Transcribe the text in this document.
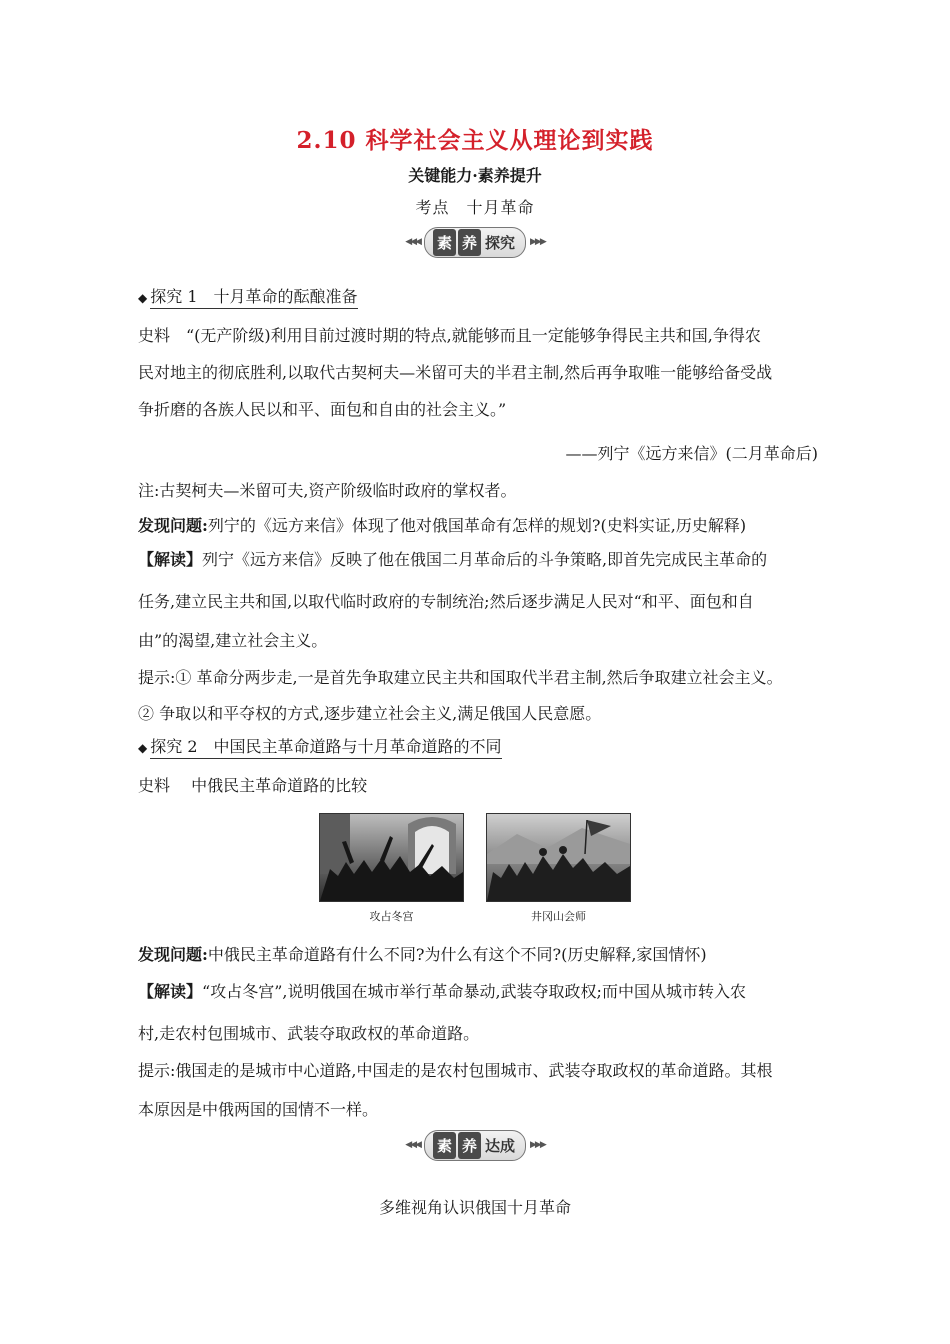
2.10 科学社会主义从理论到实践
关键能力·素养提升
考点　十月革命
◀◀◀ 素 养 探究 ▶▶▶
◆ 探究 1　十月革命的酝酿准备
史料　“(无产阶级)利用目前过渡时期的特点,就能够而且一定能够争得民主共和国,争得农
民对地主的彻底胜利,以取代古契柯夫—米留可夫的半君主制,然后再争取唯一能够给备受战
争折磨的各族人民以和平、面包和自由的社会主义。”
——列宁《远方来信》(二月革命后)
注:古契柯夫—米留可夫,资产阶级临时政府的掌权者。
发现问题:列宁的《远方来信》体现了他对俄国革命有怎样的规划?(史料实证,历史解释)
【解读】列宁《远方来信》反映了他在俄国二月革命后的斗争策略,即首先完成民主革命的
任务,建立民主共和国,以取代临时政府的专制统治;然后逐步满足人民对“和平、面包和自
由”的渴望,建立社会主义。
提示:① 革命分两步走,一是首先争取建立民主共和国取代半君主制,然后争取建立社会主义。
② 争取以和平夺权的方式,逐步建立社会主义,满足俄国人民意愿。
◆ 探究 2　中国民主革命道路与十月革命道路的不同
史料　 中俄民主革命道路的比较
攻占冬宫	井冈山会师
发现问题:中俄民主革命道路有什么不同?为什么有这个不同?(历史解释,家国情怀)
【解读】“攻占冬宫”,说明俄国在城市举行革命暴动,武装夺取政权;而中国从城市转入农
村,走农村包围城市、武装夺取政权的革命道路。
提示:俄国走的是城市中心道路,中国走的是农村包围城市、武装夺取政权的革命道路。其根
本原因是中俄两国的国情不一样。
◀◀◀ 素 养 达成 ▶▶▶
多维视角认识俄国十月革命
